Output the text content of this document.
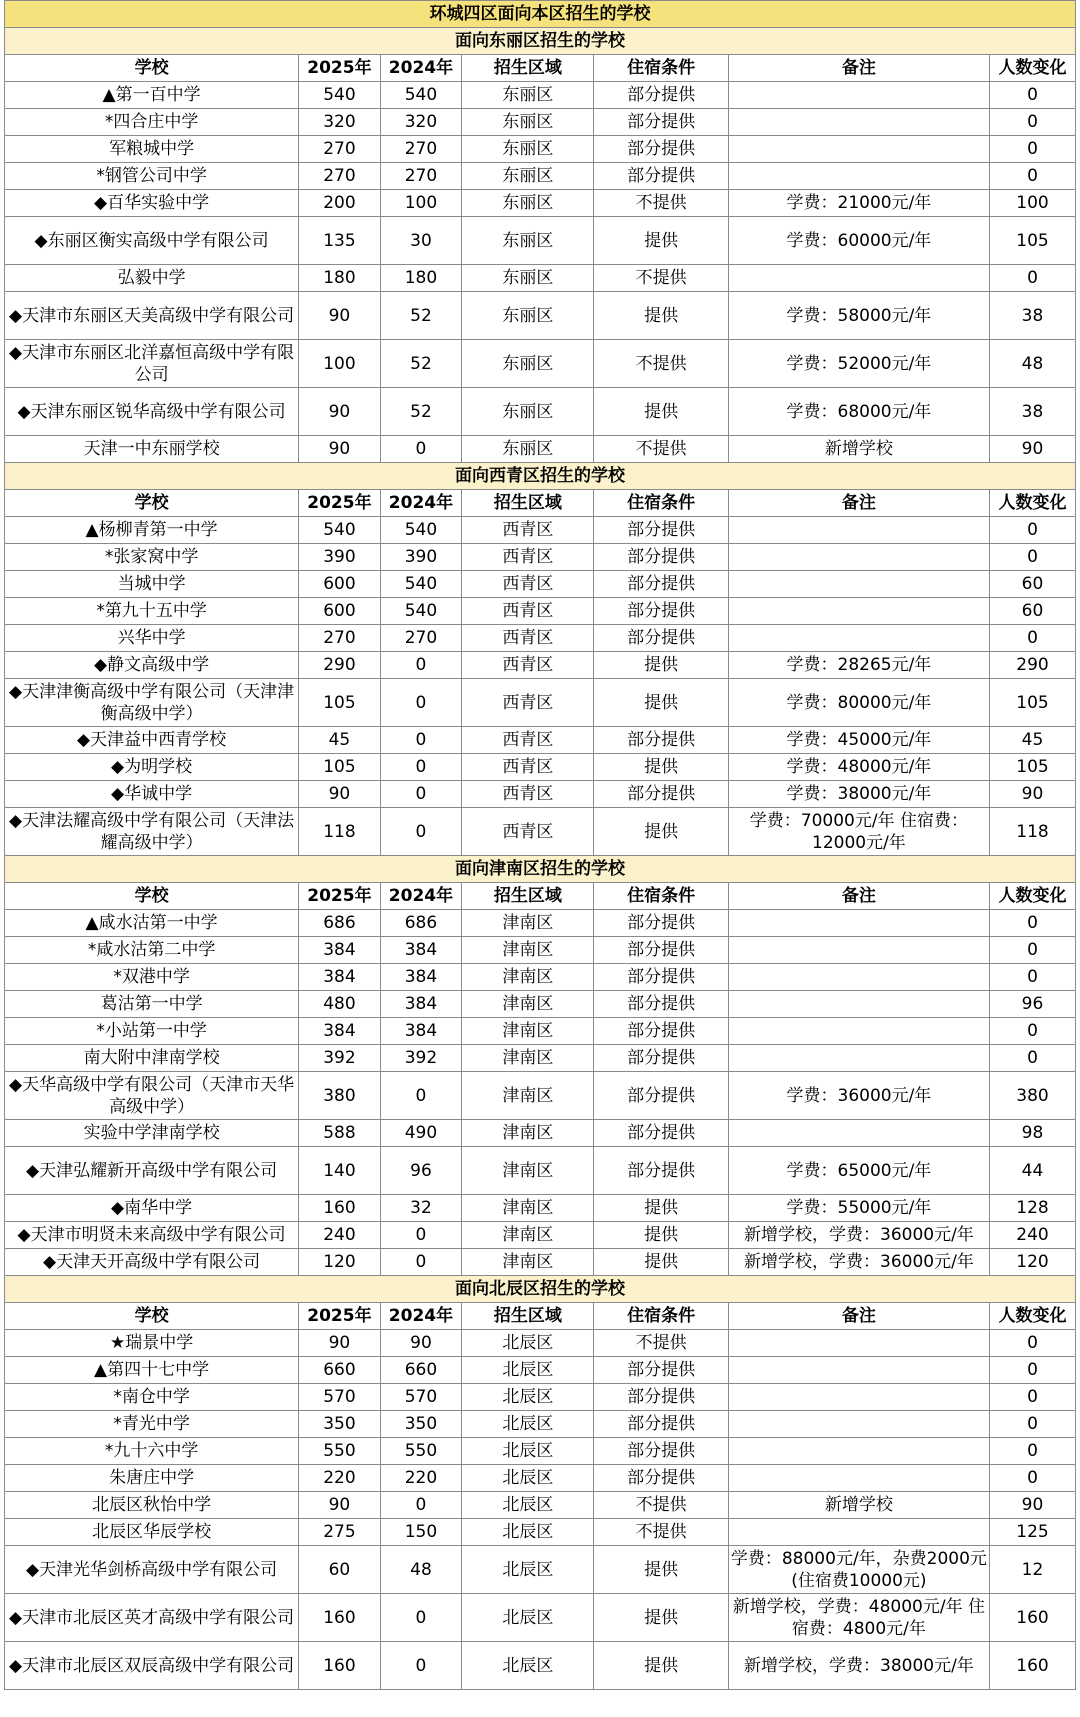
环城四区面向本区招生的学校						
面向东丽区招生的学校						
学校	2025年	2024年	招生区域	住宿条件	备注	人数变化
▲第一百中学	540	540	东丽区	部分提供		0
*四合庄中学	320	320	东丽区	部分提供		0
军粮城中学	270	270	东丽区	部分提供		0
*钢管公司中学	270	270	东丽区	部分提供		0
◆百华实验中学	200	100	东丽区	不提供	学费：21000元/年	100
◆东丽区衡实高级中学有限公司	135	30	东丽区	提供	学费：60000元/年	105
弘毅中学	180	180	东丽区	不提供		0
◆天津市东丽区天美高级中学有限公司	90	52	东丽区	提供	学费：58000元/年	38
◆天津市东丽区北洋嘉恒高级中学有限公司	100	52	东丽区	不提供	学费：52000元/年	48
◆天津东丽区锐华高级中学有限公司	90	52	东丽区	提供	学费：68000元/年	38
天津一中东丽学校	90	0	东丽区	不提供	新增学校	90
面向西青区招生的学校						
学校	2025年	2024年	招生区域	住宿条件	备注	人数变化
▲杨柳青第一中学	540	540	西青区	部分提供		0
*张家窝中学	390	390	西青区	部分提供		0
当城中学	600	540	西青区	部分提供		60
*第九十五中学	600	540	西青区	部分提供		60
兴华中学	270	270	西青区	部分提供		0
◆静文高级中学	290	0	西青区	提供	学费：28265元/年	290
◆天津津衡高级中学有限公司（天津津衡高级中学）	105	0	西青区	提供	学费：80000元/年	105
◆天津益中西青学校	45	0	西青区	部分提供	学费：45000元/年	45
◆为明学校	105	0	西青区	提供	学费：48000元/年	105
◆华诚中学	90	0	西青区	部分提供	学费：38000元/年	90
◆天津法耀高级中学有限公司（天津法耀高级中学）	118	0	西青区	提供	学费：70000元/年 住宿费：12000元/年	118
面向津南区招生的学校						
学校	2025年	2024年	招生区域	住宿条件	备注	人数变化
▲咸水沽第一中学	686	686	津南区	部分提供		0
*咸水沽第二中学	384	384	津南区	部分提供		0
*双港中学	384	384	津南区	部分提供		0
葛沽第一中学	480	384	津南区	部分提供		96
*小站第一中学	384	384	津南区	部分提供		0
南大附中津南学校	392	392	津南区	部分提供		0
◆天华高级中学有限公司（天津市天华高级中学）	380	0	津南区	部分提供	学费：36000元/年	380
实验中学津南学校	588	490	津南区	部分提供		98
◆天津弘耀新开高级中学有限公司	140	96	津南区	部分提供	学费：65000元/年	44
◆南华中学	160	32	津南区	提供	学费：55000元/年	128
◆天津市明贤未来高级中学有限公司	240	0	津南区	提供	新增学校，学费：36000元/年	240
◆天津天开高级中学有限公司	120	0	津南区	提供	新增学校，学费：36000元/年	120
面向北辰区招生的学校						
学校	2025年	2024年	招生区域	住宿条件	备注	人数变化
★瑞景中学	90	90	北辰区	不提供		0
▲第四十七中学	660	660	北辰区	部分提供		0
*南仓中学	570	570	北辰区	部分提供		0
*青光中学	350	350	北辰区	部分提供		0
*九十六中学	550	550	北辰区	部分提供		0
朱唐庄中学	220	220	北辰区	部分提供		0
北辰区秋怡中学	90	0	北辰区	不提供	新增学校	90
北辰区华辰学校	275	150	北辰区	不提供		125
◆天津光华剑桥高级中学有限公司	60	48	北辰区	提供	学费：88000元/年，杂费2000元(住宿费10000元)	12
◆天津市北辰区英才高级中学有限公司	160	0	北辰区	提供	新增学校，学费：48000元/年 住宿费：4800元/年	160
◆天津市北辰区双辰高级中学有限公司	160	0	北辰区	提供	新增学校，学费：38000元/年	160
